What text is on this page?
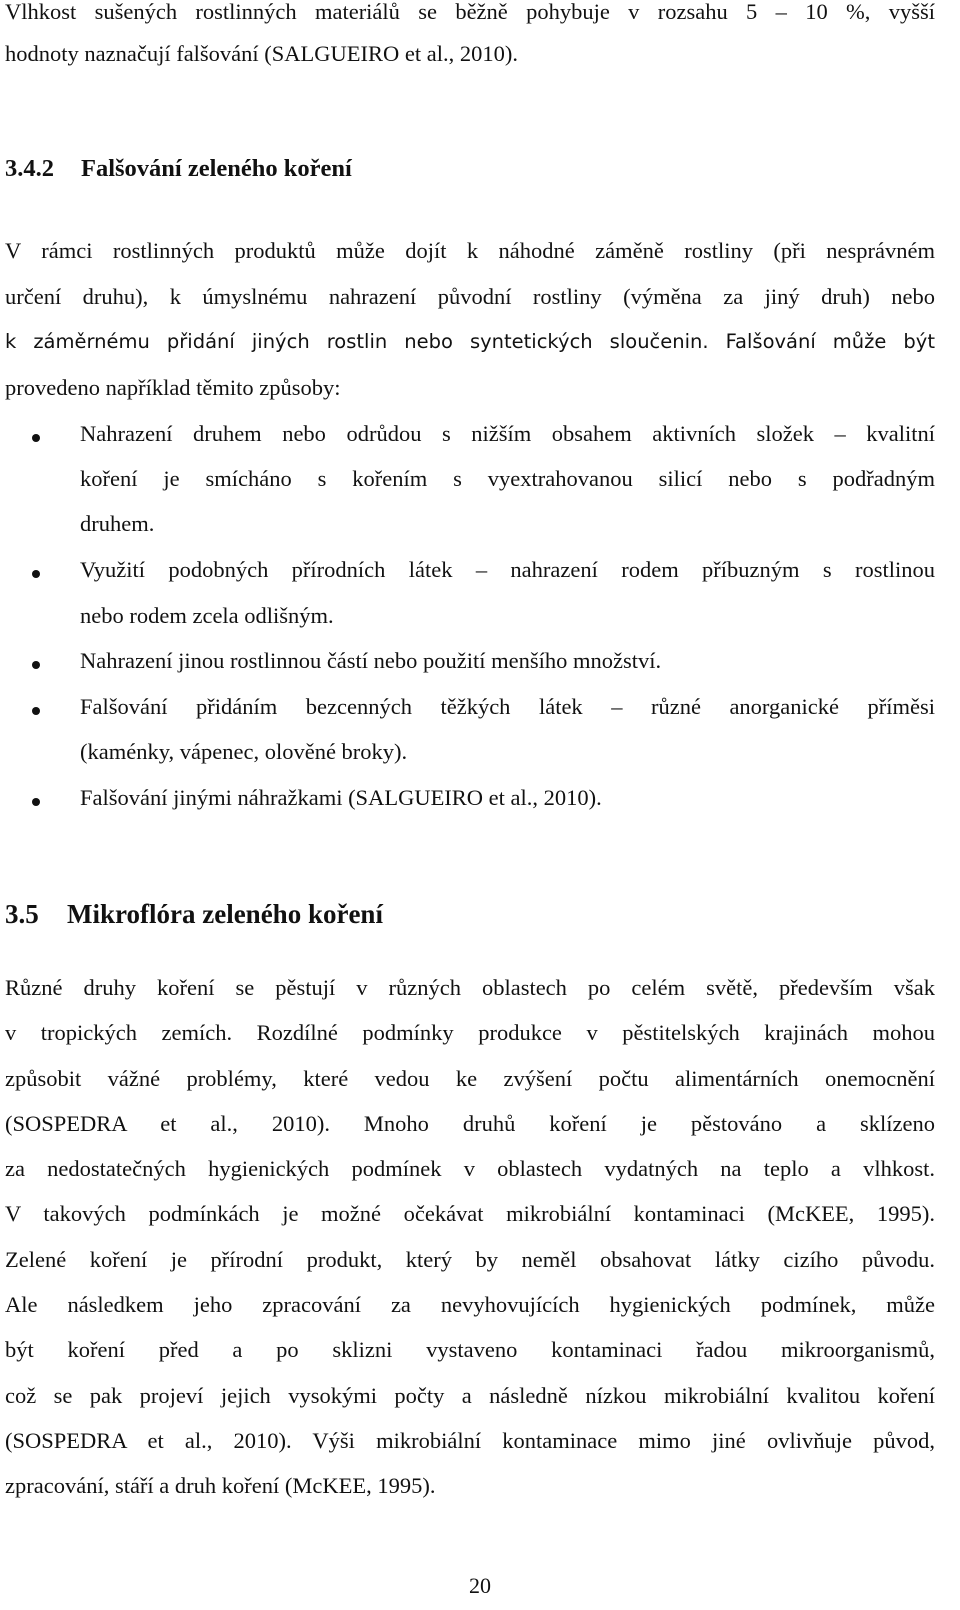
Vlhkost sušených rostlinných materiálů se běžně pohybuje v rozsahu 5 – 10 %, vyšší
hodnoty naznačují falšování (SALGUEIRO et al., 2010).
3.4.2 Falšování zeleného koření
V rámci rostlinných produktů může dojít k náhodné záměně rostliny (při nesprávném
určení druhu), k úmyslnému nahrazení původní rostliny (výměna za jiný druh) nebo
k záměrnému přidání jiných rostlin nebo syntetických sloučenin. Falšování může být
provedeno například těmito způsoby:
Nahrazení druhem nebo odrůdou s nižším obsahem aktivních složek – kvalitní
koření je smícháno s kořením s vyextrahovanou silicí nebo s podřadným
druhem.
Využití podobných přírodních látek – nahrazení rodem příbuzným s rostlinou
nebo rodem zcela odlišným.
Nahrazení jinou rostlinnou částí nebo použití menšího množství.
Falšování přidáním bezcenných těžkých látek – různé anorganické příměsi
(kaménky, vápenec, olověné broky).
Falšování jinými náhražkami (SALGUEIRO et al., 2010).
3.5 Mikroflóra zeleného koření
Různé druhy koření se pěstují v různých oblastech po celém světě, především však
v tropických zemích. Rozdílné podmínky produkce v pěstitelských krajinách mohou
způsobit vážné problémy, které vedou ke zvýšení počtu alimentárních onemocnění
(SOSPEDRA et al., 2010). Mnoho druhů koření je pěstováno a sklízeno
za nedostatečných hygienických podmínek v oblastech vydatných na teplo a vlhkost.
V takových podmínkách je možné očekávat mikrobiální kontaminaci (McKEE, 1995).
Zelené koření je přírodní produkt, který by neměl obsahovat látky cizího původu.
Ale následkem jeho zpracování za nevyhovujících hygienických podmínek, může
být koření před a po sklizni vystaveno kontaminaci řadou mikroorganismů,
což se pak projeví jejich vysokými počty a následně nízkou mikrobiální kvalitou koření
(SOSPEDRA et al., 2010). Výši mikrobiální kontaminace mimo jiné ovlivňuje původ,
zpracování, stáří a druh koření (McKEE, 1995).
20
